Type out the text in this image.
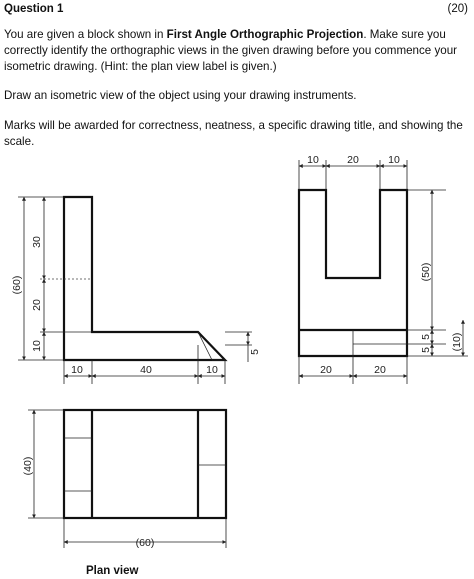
Question 1	(20)
You are given a block shown in First Angle Orthographic Projection. Make sure you correctly identify the orthographic views in the given drawing before you commence your isometric drawing. (Hint: the plan view label is given.)
Draw an isometric view of the object using your drawing instruments.
Marks will be awarded for correctness, neatness, a specific drawing title, and showing the scale.
30
20
10
(60)
10	40	10
5
10	20	10
(50)
5
5 (10)
20	20
(40)
(60)
Plan view
